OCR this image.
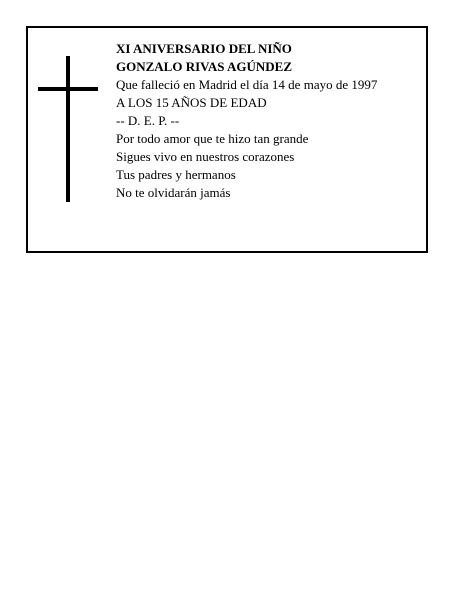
XI ANIVERSARIO DEL NIÑO
GONZALO RIVAS AGÚNDEZ
Que falleció en Madrid el día 14 de mayo de 1997
A LOS 15 AÑOS DE EDAD
-- D. E. P. --
Por todo amor que te hizo tan grande
Sigues vivo en nuestros corazones
Tus padres y hermanos
No te olvidarán jamás
